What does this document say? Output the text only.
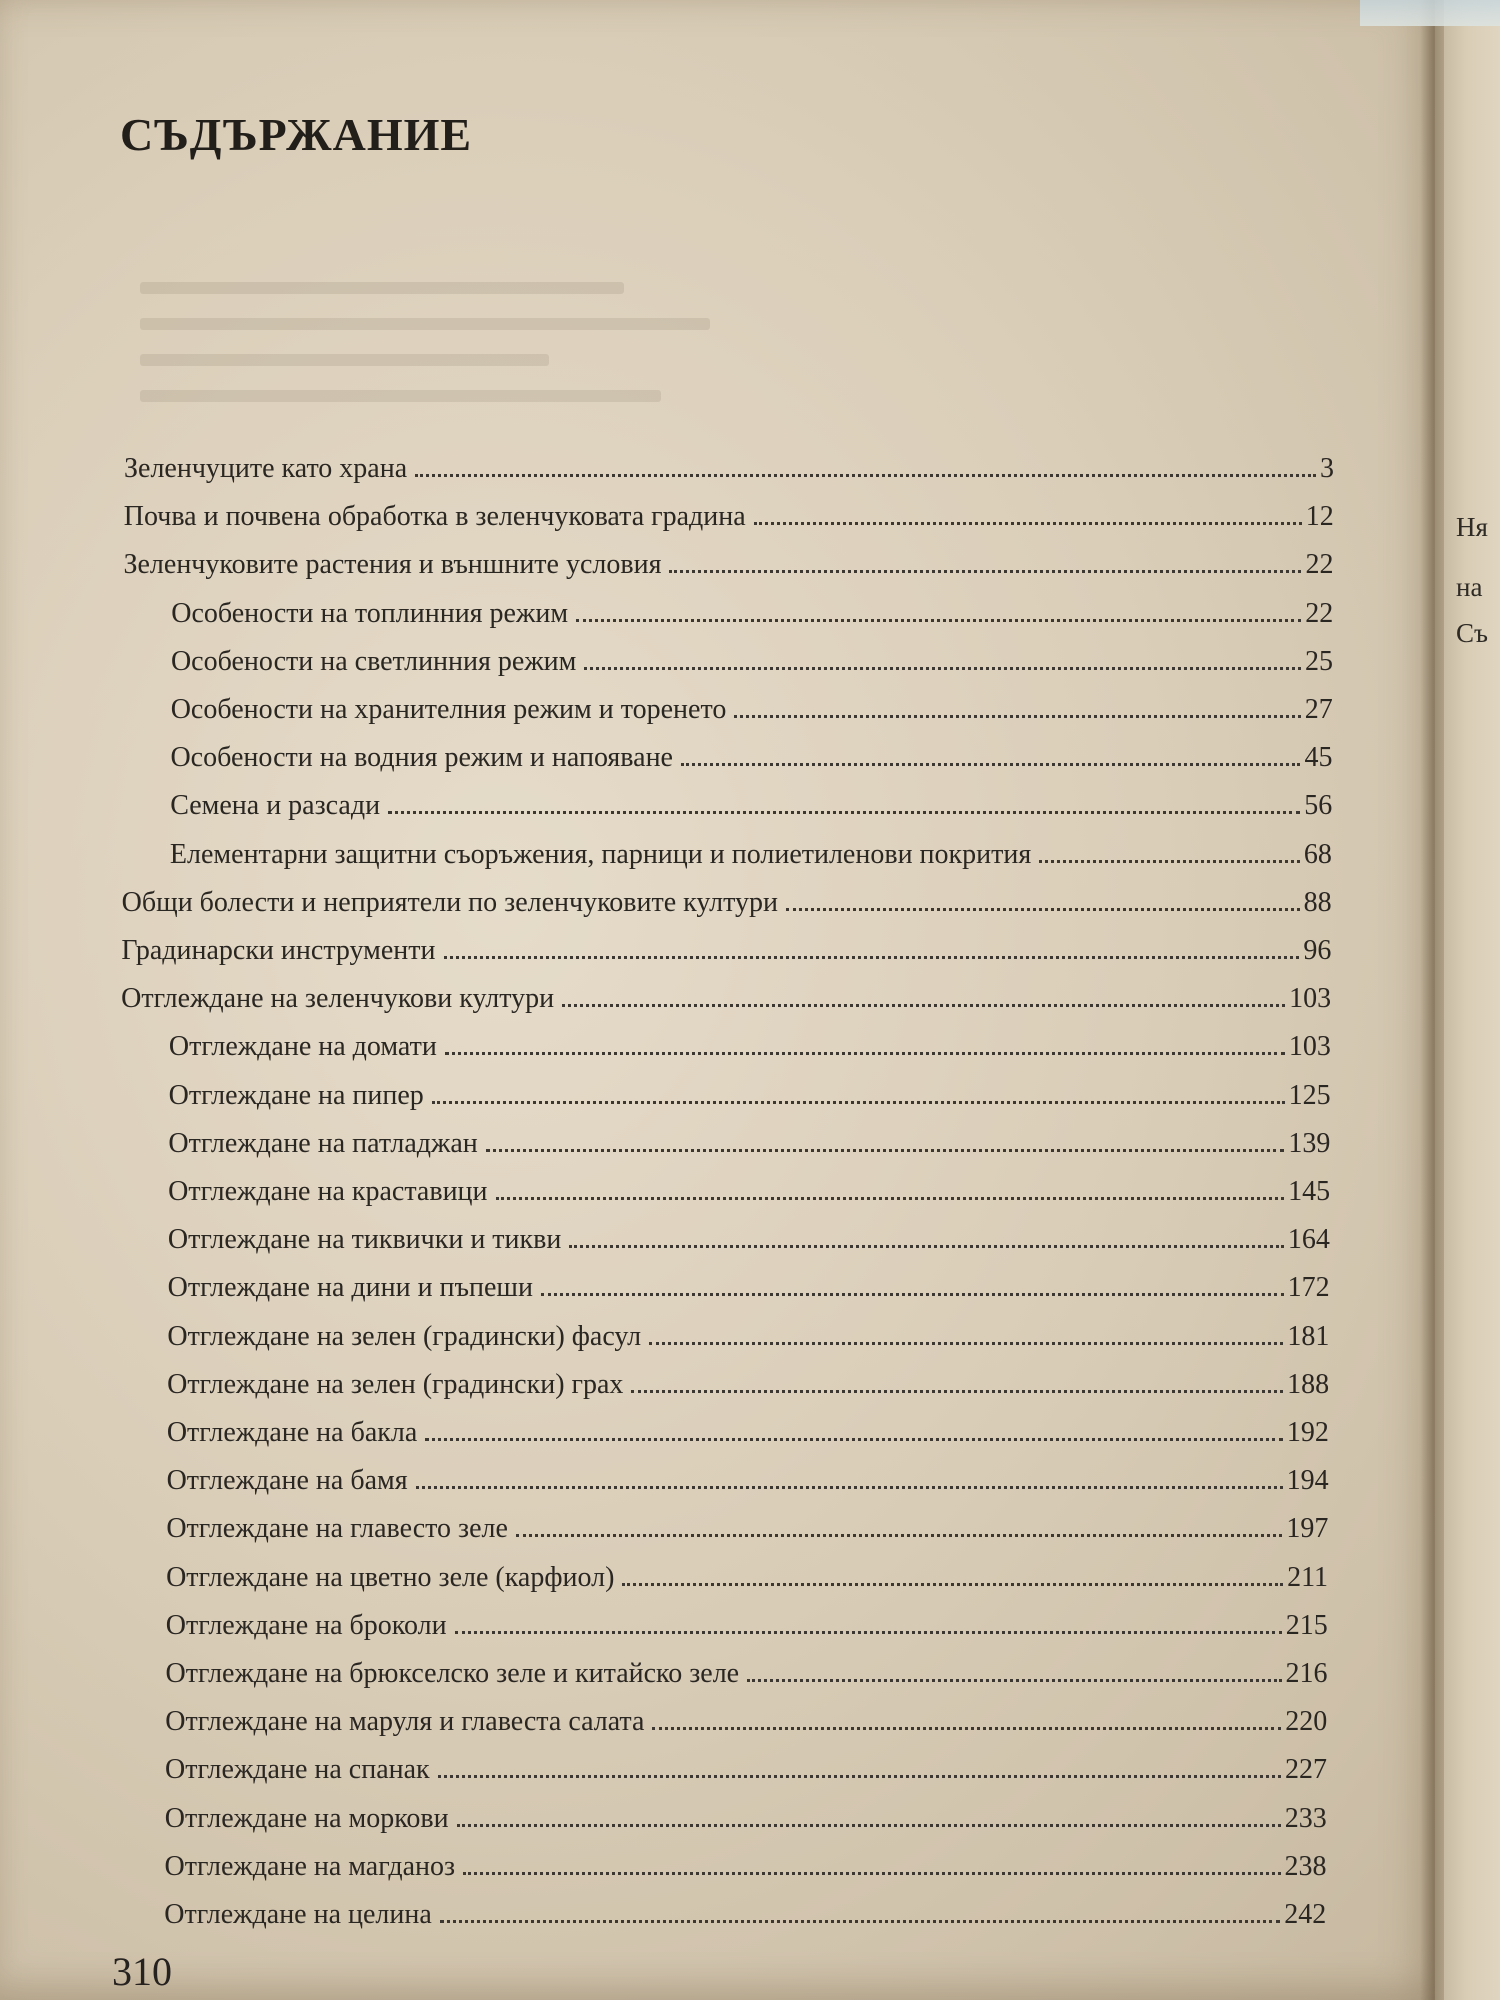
СЪДЪРЖАНИЕ
Зеленчуците като храна	3
Почва и почвена обработка в зеленчуковата градина	12
Зеленчуковите растения и външните условия	22
Особености на топлинния режим	22
Особености на светлинния режим	25
Особености на хранителния режим и торенето	27
Особености на водния режим и напояване	45
Семена и разсади	56
Елементарни защитни съоръжения, парници и полиетиленови покрития	68
Общи болести и неприятели по зеленчуковите култури	88
Градинарски инструменти	96
Отглеждане на зеленчукови култури	103
Отглеждане на домати	103
Отглеждане на пипер	125
Отглеждане на патладжан	139
Отглеждане на краставици	145
Отглеждане на тиквички и тикви	164
Отглеждане на дини и пъпеши	172
Отглеждане на зелен (градински) фасул	181
Отглеждане на зелен (градински) грах	188
Отглеждане на бакла	192
Отглеждане на бамя	194
Отглеждане на главесто зеле	197
Отглеждане на цветно зеле (карфиол)	211
Отглеждане на броколи	215
Отглеждане на брюкселско зеле и китайско зеле	216
Отглеждане на маруля и главеста салата	220
Отглеждане на спанак	227
Отглеждане на моркови	233
Отглеждане на магданоз	238
Отглеждане на целина	242
310
Ня
на
Съ
